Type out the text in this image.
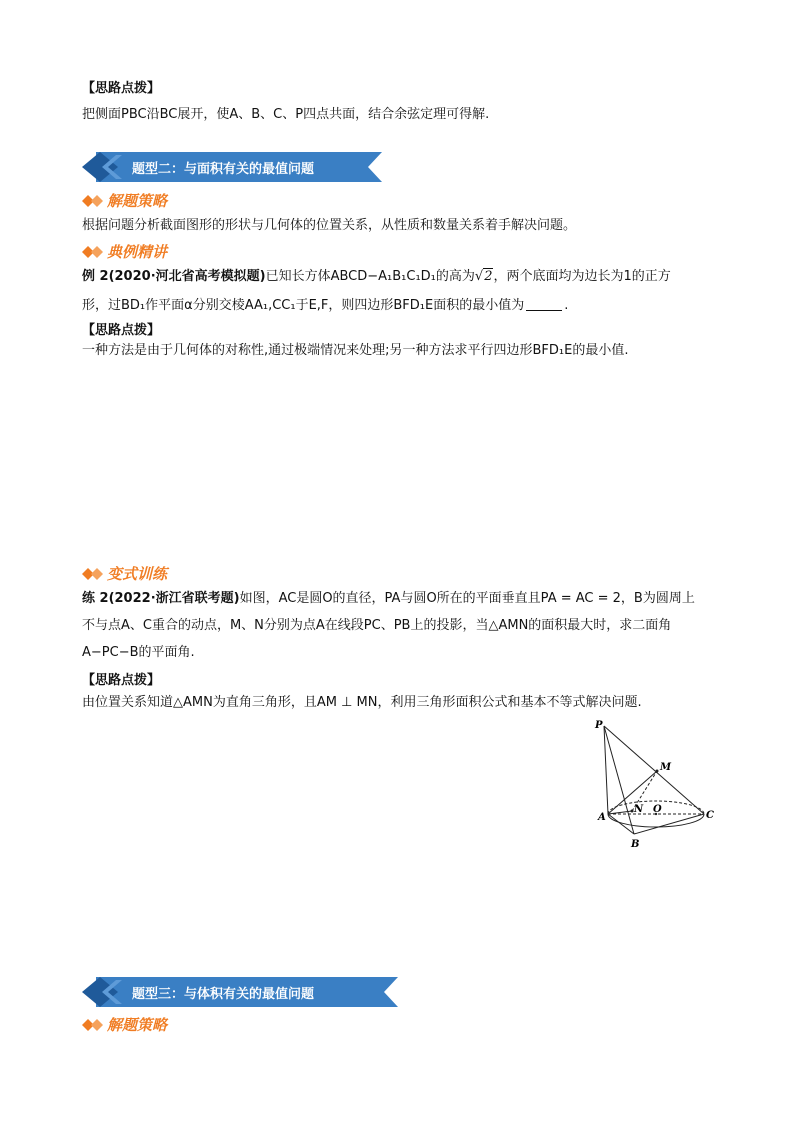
【思路点拨】
把侧面PBC沿BC展开，使A、B、C、P四点共面，结合余弦定理可得解.
题型二：与面积有关的最值问题
解题策略
根据问题分析截面图形的形状与几何体的位置关系，从性质和数量关系着手解决问题。
典例精讲
例 2(2020·河北省高考模拟题)已知长方体ABCD−A₁B₁C₁D₁的高为√2，两个底面均为边长为1的正方
形，过BD₁作平面α分别交棱AA₁,CC₁于E,F，则四边形BFD₁E面积的最小值为	.
【思路点拨】
一种方法是由于几何体的对称性,通过极端情况来处理;另一种方法求平行四边形BFD₁E的最小值.
变式训练
练 2(2022·浙江省联考题)如图，AC是圆O的直径，PA与圆O所在的平面垂直且PA = AC = 2，B为圆周上
不与点A、C重合的动点，M、N分别为点A在线段PC、PB上的投影，当△AMN的面积最大时，求二面角
A−PC−B的平面角.
【思路点拨】
由位置关系知道△AMN为直角三角形，且AM ⊥ MN，利用三角形面积公式和基本不等式解决问题.
P
M
N O
A	C
B
题型三：与体积有关的最值问题
解题策略
